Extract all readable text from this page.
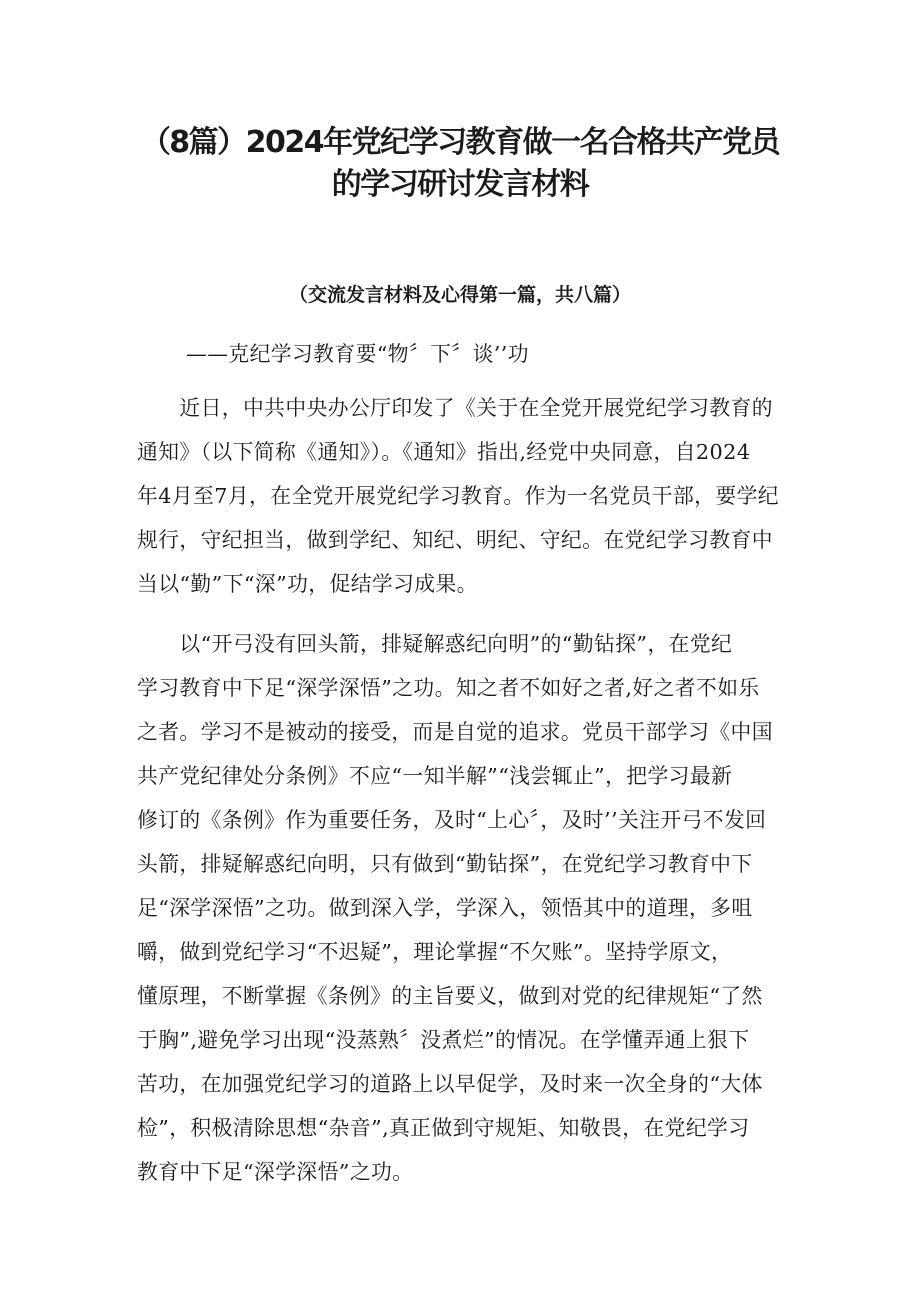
（8篇）2024年党纪学习教育做一名合格共产党员
的学习研讨发言材料
（交流发言材料及心得第一篇，共八篇）
——克纪学习教育要“物〞下〞谈’’功
　　近日，中共中央办公厅印发了《关于在全党开展党纪学习教育的
通知》（以下简称《通知》）。《通知》指出,经党中央同意，自2024
年4月至7月，在全党开展党纪学习教育。作为一名党员干部，要学纪
规行，守纪担当，做到学纪、知纪、明纪、守纪。在党纪学习教育中
当以“勤”下“深”功，促结学习成果。
　　以“开弓没有回头箭，排疑解惑纪向明”的“勤钻探”，在党纪
学习教育中下足“深学深悟”之功。知之者不如好之者,好之者不如乐
之者。学习不是被动的接受，而是自觉的追求。党员干部学习《中国
共产党纪律处分条例》不应“一知半解”“浅尝辄止”，把学习最新
修订的《条例》作为重要任务，及时“上心〞，及时’’关注开弓不发回
头箭，排疑解惑纪向明，只有做到“勤钻探”，在党纪学习教育中下
足“深学深悟”之功。做到深入学，学深入，领悟其中的道理，多咀
嚼，做到党纪学习“不迟疑”，理论掌握“不欠账”。坚持学原文，
懂原理，不断掌握《条例》的主旨要义，做到对党的纪律规矩“了然
于胸”,避免学习出现“没蒸熟〞没煮烂”的情况。在学懂弄通上狠下
苦功，在加强党纪学习的道路上以早促学，及时来一次全身的“大体
检”，积极清除思想“杂音”,真正做到守规矩、知敬畏，在党纪学习
教育中下足“深学深悟”之功。
